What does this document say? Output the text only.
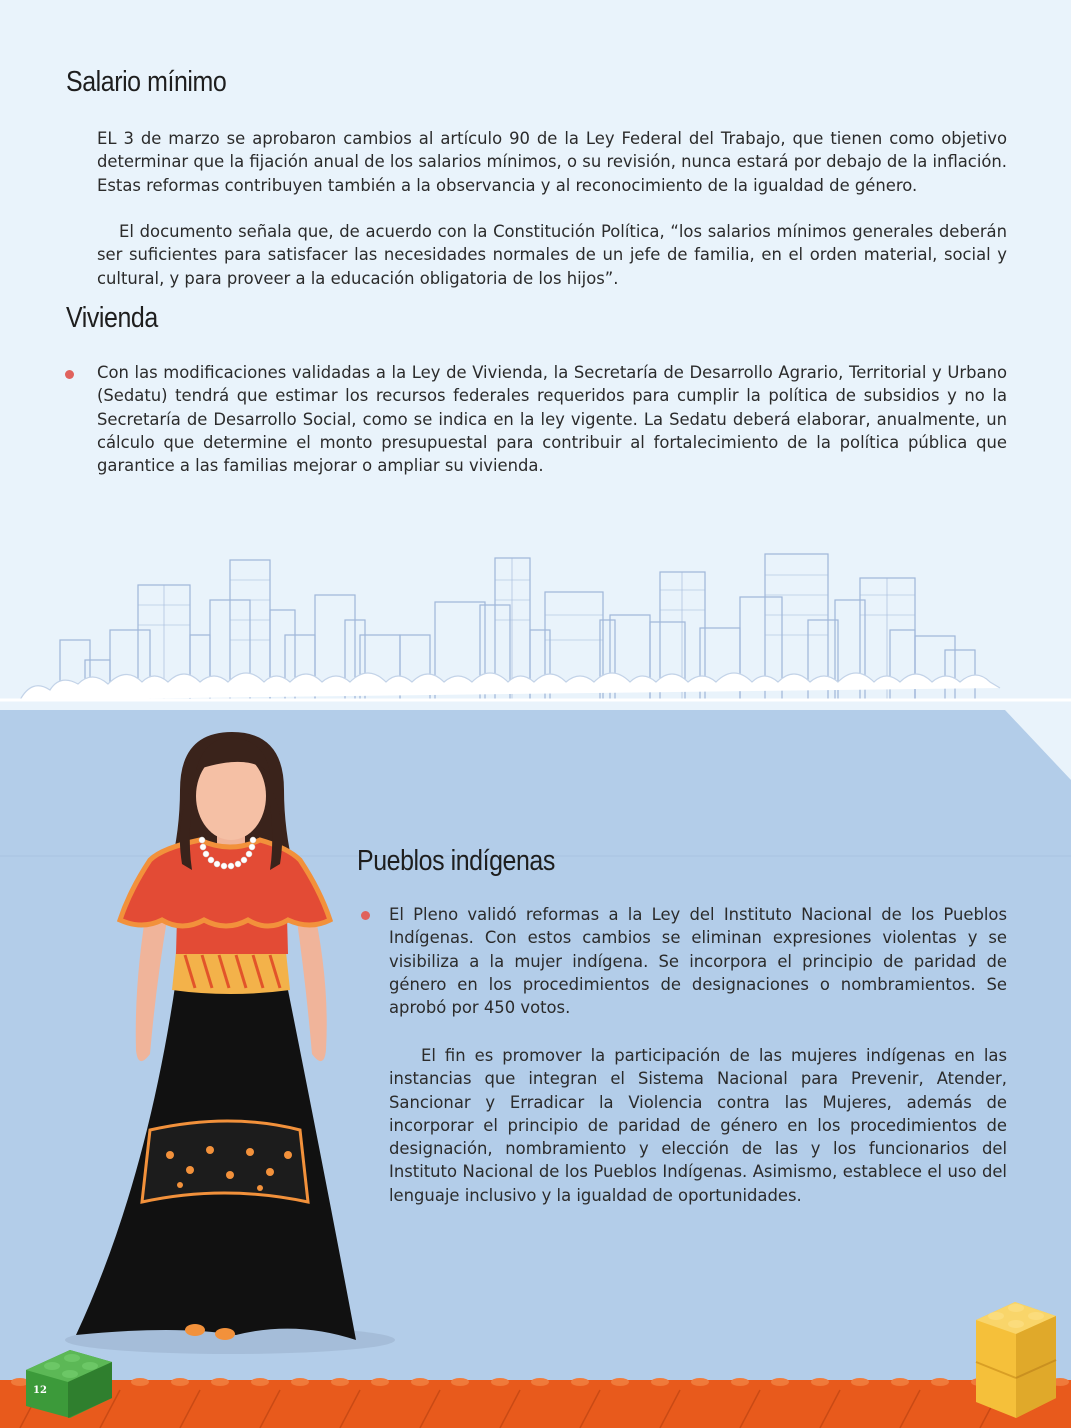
12
Salario mínimo

EL 3 de marzo se aprobaron cambios al artículo 90 de la Ley Federal del Trabajo, que tienen como objetivo determinar que la fijación anual de los salarios mínimos, o su revisión, nunca estará por debajo de la inflación. Estas reformas contribuyen también a la observancia y al reconocimiento de la igualdad de género.

El documento señala que, de acuerdo con la Constitución Política, “los salarios mínimos generales deberán ser suficientes para satisfacer las necesidades normales de un jefe de familia, en el orden material, social y cultural, y para proveer a la educación obligatoria de los hijos”.

Vivienda

Con las modificaciones validadas a la Ley de Vivienda, la Secretaría de Desarrollo Agrario, Territorial y Urbano (Sedatu) tendrá que estimar los recursos federales requeridos para cumplir la política de subsidios y no la Secretaría de Desarrollo Social, como se indica en la ley vigente. La Sedatu deberá elaborar, anualmente, un cálculo que determine el monto presupuestal para contribuir al fortalecimiento de la política pública que garantice a las familias mejorar o ampliar su vivienda.

Pueblos indígenas

El Pleno validó reformas a la Ley del Instituto Nacional de los Pueblos Indígenas. Con estos cambios se eliminan expresiones violentas y se visibiliza a la mujer indígena. Se incorpora el principio de paridad de género en los procedimientos de designaciones o nombramientos. Se aprobó por 450 votos.

El fin es promover la participación de las mujeres indígenas en las instancias que integran el Sistema Nacional para Prevenir, Atender, Sancionar y Erradicar la Violencia contra las Mujeres, además de incorporar el principio de paridad de género en los procedimientos de designación, nombramiento y elección de las y los funcionarios del Instituto Nacional de los Pueblos Indígenas. Asimismo, establece el uso del lenguaje inclusivo y la igualdad de oportunidades.
